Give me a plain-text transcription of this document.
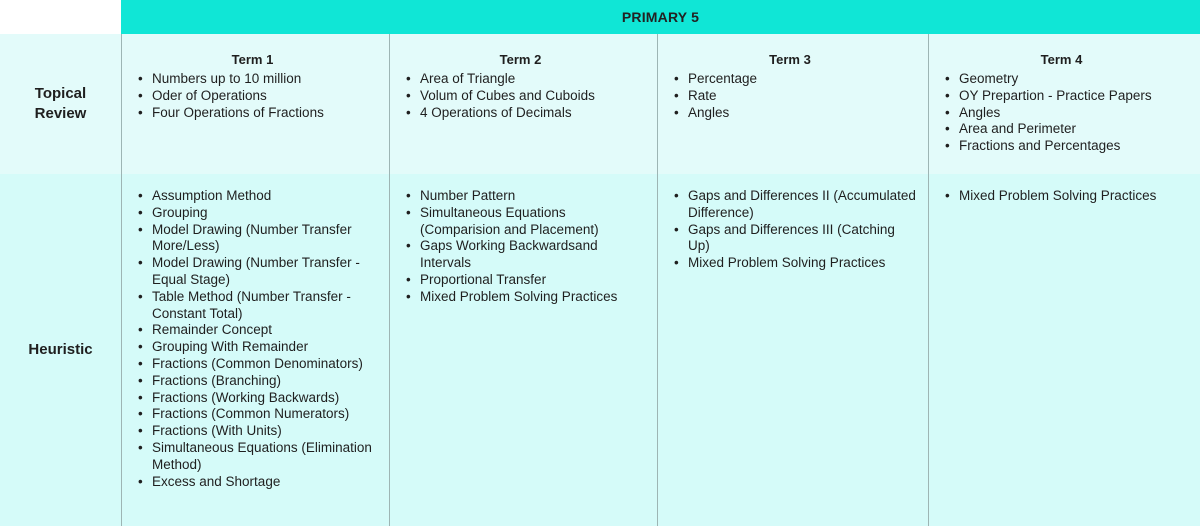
PRIMARY 5
Topical Review
Term 1
• Numbers up to 10 million
• Oder of Operations
• Four Operations of Fractions
Term 2
• Area of Triangle
• Volum of Cubes and Cuboids
• 4 Operations of Decimals
Term 3
• Percentage
• Rate
• Angles
Term 4
• Geometry
• OY Prepartion - Practice Papers
• Angles
• Area and Perimeter
• Fractions and Percentages
Heuristic
• Assumption Method
• Grouping
• Model Drawing (Number Transfer More/Less)
• Model Drawing (Number Transfer - Equal Stage)
• Table Method (Number Transfer - Constant Total)
• Remainder Concept
• Grouping With Remainder
• Fractions (Common Denominators)
• Fractions (Branching)
• Fractions (Working Backwards)
• Fractions (Common Numerators)
• Fractions (With Units)
• Simultaneous Equations (Elimination Method)
• Excess and Shortage
• Number Pattern
• Simultaneous Equations (Comparision and Placement)
• Gaps Working Backwardsand Intervals
• Proportional Transfer
• Mixed Problem Solving Practices
• Gaps and Differences II (Accumulated Difference)
• Gaps and Differences III (Catching Up)
• Mixed Problem Solving Practices
• Mixed Problem Solving Practices
